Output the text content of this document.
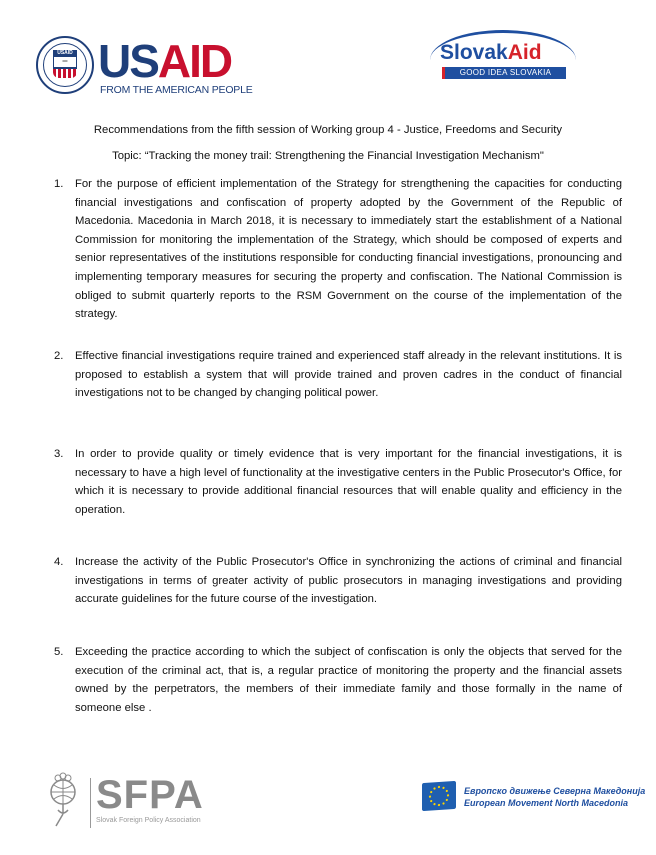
USAID
═ USAID
FROM THE AMERICAN PEOPLE
SlovakAid
GOOD IDEA SLOVAKIA
Recommendations from the fifth session of Working group 4 - Justice, Freedoms and Security
Topic: “Tracking the money trail: Strengthening the Financial Investigation Mechanism"
1. For the purpose of efficient implementation of the Strategy for strengthening the capacities for conducting financial investigations and confiscation of property adopted by the Government of the Republic of Macedonia. Macedonia in March 2018, it is necessary to immediately start the establishment of a National Commission for monitoring the implementation of the Strategy, which should be composed of experts and senior representatives of the institutions responsible for conducting financial investigations, pronouncing and implementing temporary measures for securing the property and confiscation. The National Commission is obliged to submit quarterly reports to the RSM Government on the course of the implementation of the strategy.
2. Effective financial investigations require trained and experienced staff already in the relevant institutions. It is proposed to establish a system that will provide trained and proven cadres in the conduct of financial investigations not to be changed by changing political power.
3. In order to provide quality or timely evidence that is very important for the financial investigations, it is necessary to have a high level of functionality at the investigative centers in the Public Prosecutor's Office, for which it is necessary to provide additional financial resources that will enable quality and efficiency in the operation.
4. Increase the activity of the Public Prosecutor's Office in synchronizing the actions of criminal and financial investigations in terms of greater activity of public prosecutors in managing investigations and providing accurate guidelines for the future course of the investigation.
5. Exceeding the practice according to which the subject of confiscation is only the objects that served for the execution of the criminal act, that is, a regular practice of monitoring the property and the financial assets owned by the perpetrators, the members of their immediate family and those formally in the name of someone else .
SFPA
Slovak Foreign Policy Association
Европско движење Северна Македонија
European Movement North Macedonia
